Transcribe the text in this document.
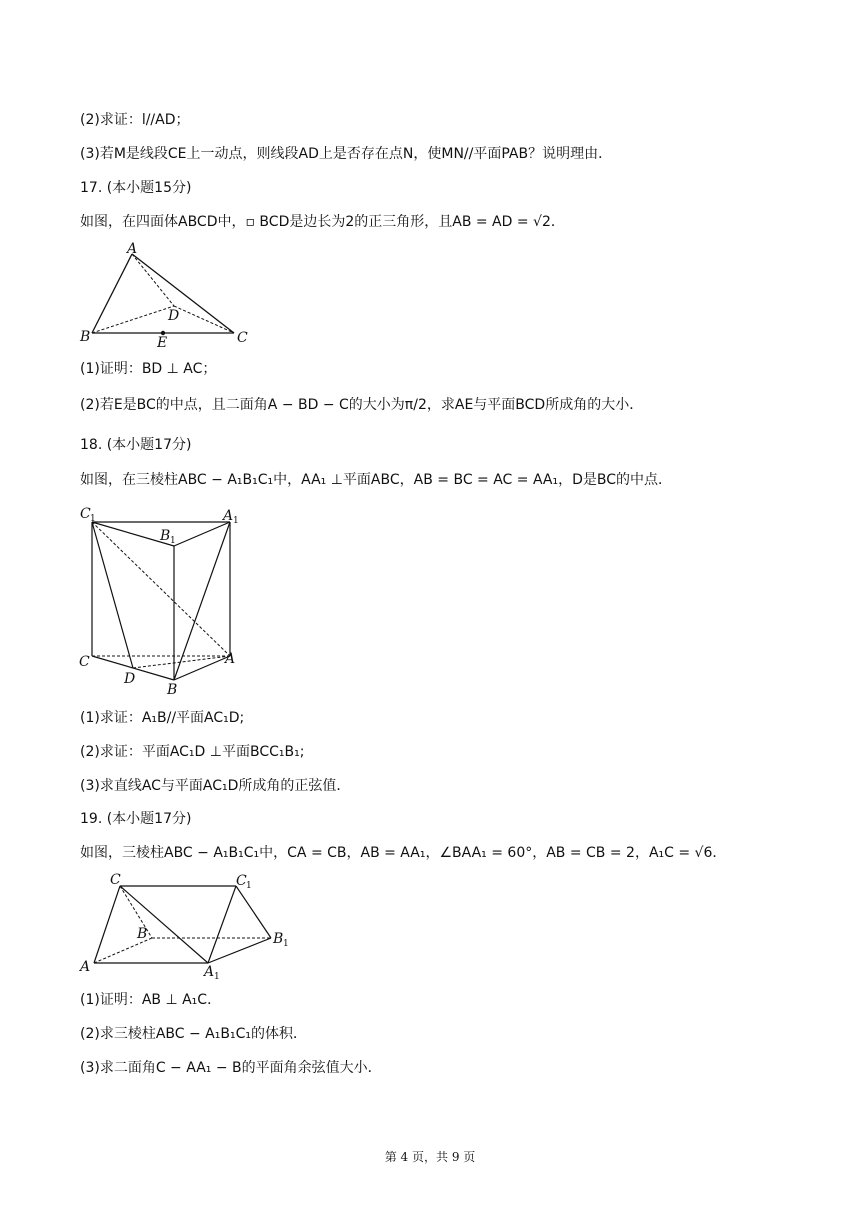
(2)求证：l//AD；
(3)若M是线段CE上一动点，则线段AD上是否存在点N，使MN//平面PAB？说明理由．
17. (本小题15分)
如图，在四面体ABCD中，▫ BCD是边长为2的正三角形，且AB = AD = √2．
A
B	C
D
E
(1)证明：BD ⊥ AC；
(2)若E是BC的中点，且二面角A − BD − C的大小为π/2，求AE与平面BCD所成角的大小．
18. (本小题17分)
如图，在三棱柱ABC − A₁B₁C₁中，AA₁ ⊥平面ABC，AB = BC = AC = AA₁，D是BC的中点．
C 1
B 1
A 1
C
D
B
A
(1)求证：A₁B//平面AC₁D;
(2)求证：平面AC₁D ⊥平面BCC₁B₁;
(3)求直线AC与平面AC₁D所成角的正弦值．
19. (本小题17分)
如图，三棱柱ABC − A₁B₁C₁中，CA = CB，AB = AA₁，∠BAA₁ = 60°，AB = CB = 2，A₁C = √6．
C	C 1
B	B 1
A	A 1
(1)证明：AB ⊥ A₁C．
(2)求三棱柱ABC − A₁B₁C₁的体积．
(3)求二面角C − AA₁ − B的平面角余弦值大小．
第 4 页，共 9 页
